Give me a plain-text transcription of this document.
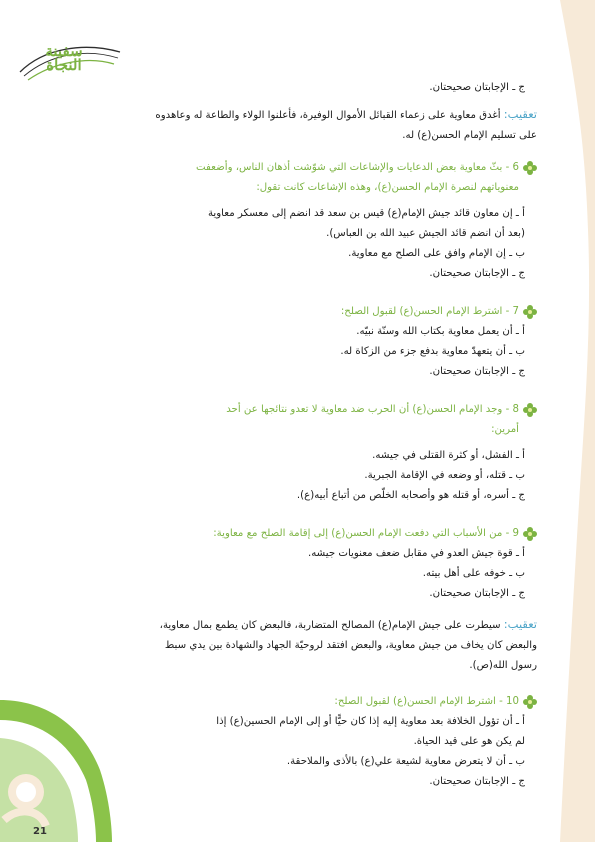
سفينة
النجاة
ج ـ الإجابتان صحيحتان.
تعقيب: أغدق معاوية على زعماء القبائل الأموال الوفيرة، فأعلنوا الولاء والطاعة له وعاهدوه
على تسليم الإمام الحسن(ع) له.
6 - بثّ معاوية بعض الدعايات والإشاعات التي شوّشت أذهان الناس، وأضعفت
معنوياتهم لنصرة الإمام الحسن(ع)، وهذه الإشاعات كانت تقول:
أ ـ إن معاون قائد جيش الإمام(ع) قيس بن سعد قد انضم إلى معسكر معاوية
(بعد أن انضم قائد الجيش عبيد الله بن العباس).
ب ـ إن الإمام وافق على الصلح مع معاوية.
ج ـ الإجابتان صحيحتان.
7 - اشترط الإمام الحسن(ع) لقبول الصلح:
أ ـ أن يعمل معاوية بكتاب الله وسنّة نبيّه.
ب ـ أن يتعهدّ معاوية بدفع جزء من الزكاة له.
ج ـ الإجابتان صحيحتان.
8 - وجد الإمام الحسن(ع) أن الحرب ضد معاوية لا تعدو نتائجها عن أحد
أمرين:
أ ـ الفشل، أو كثرة القتلى في جيشه.
ب ـ قتله، أو وضعه في الإقامة الجبرية.
ج ـ أسره، أو قتله هو وأصحابه الخلّص من أتباع أبيه(ع).
9 - من الأسباب التي دفعت الإمام الحسن(ع) إلى إقامة الصلح مع معاوية:
أ ـ قوة جيش العدو في مقابل ضعف معنويات جيشه.
ب ـ خوفه على أهل بيته.
ج ـ الإجابتان صحيحتان.
تعقيب: سيطرت على جيش الإمام(ع) المصالح المتضاربة، فالبعض كان يطمع بمال معاوية،
والبعض كان يخاف من جيش معاوية، والبعض افتقد لروحيّة الجهاد والشهادة بين يدي سبط
رسول الله(ص).
10 - اشترط الإمام الحسن(ع) لقبول الصلح:
أ ـ أن تؤول الخلافة بعد معاوية إليه إذا كان حيًّا أو إلى الإمام الحسين(ع) إذا
لم يكن هو على قيد الحياة.
ب ـ أن لا يتعرض معاوية لشيعة علي(ع) بالأذى والملاحقة.
ج ـ الإجابتان صحيحتان.
21
